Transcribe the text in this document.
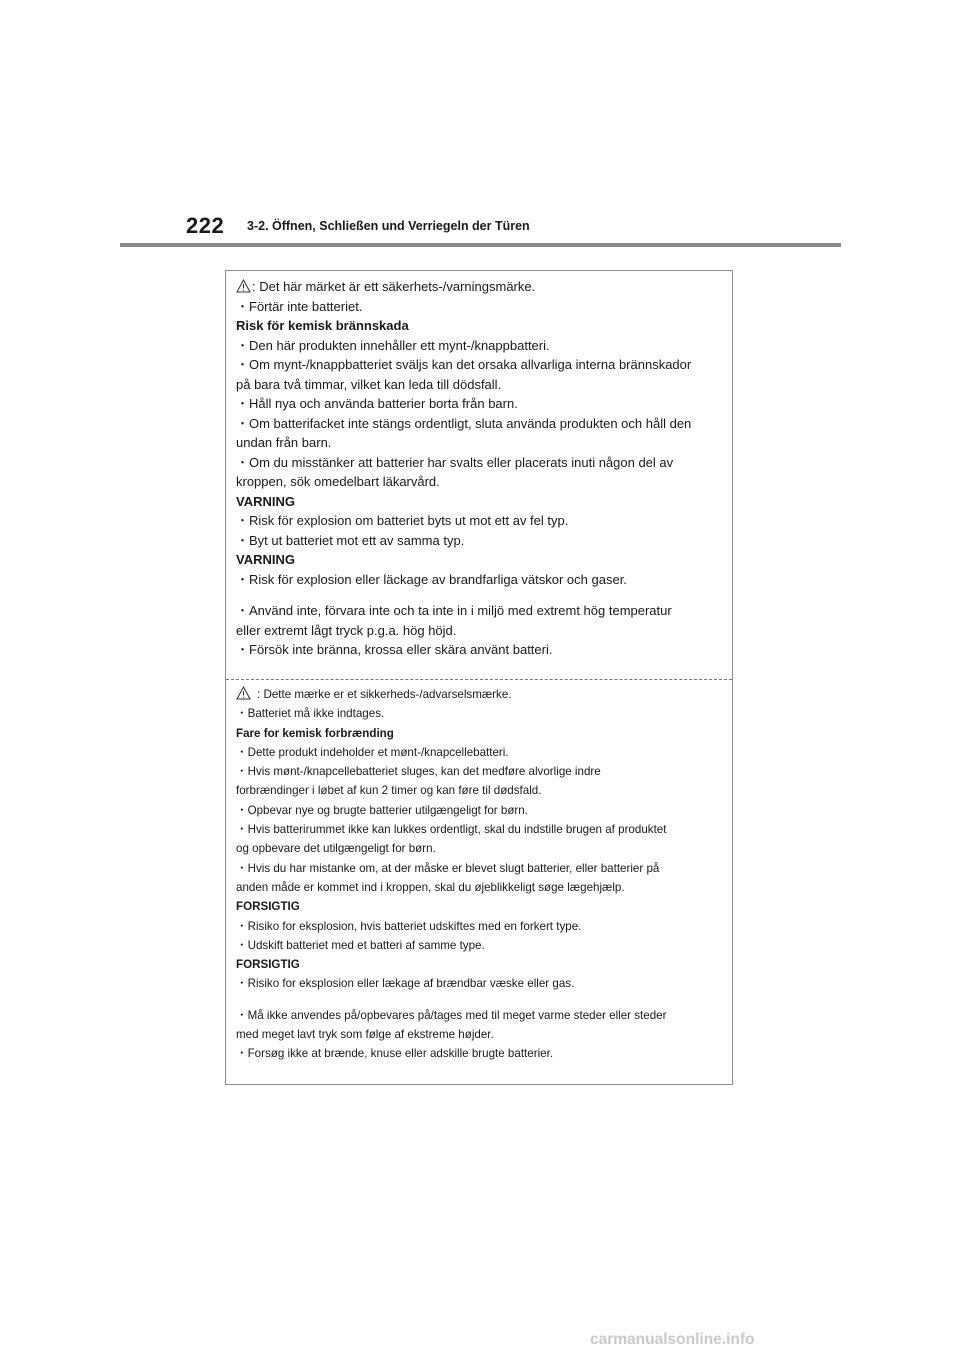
222 3-2. Öffnen, Schließen und Verriegeln der Türen
: Det här märket är ett säkerhets-/varningsmärke.
・Förtär inte batteriet.
Risk för kemisk brännskada
・Den här produkten innehåller ett mynt-/knappbatteri.
・Om mynt-/knappbatteriet sväljs kan det orsaka allvarliga interna brännskador
på bara två timmar, vilket kan leda till dödsfall.
・Håll nya och använda batterier borta från barn.
・Om batterifacket inte stängs ordentligt, sluta använda produkten och håll den
undan från barn.
・Om du misstänker att batterier har svalts eller placerats inuti någon del av
kroppen, sök omedelbart läkarvård.
VARNING
・Risk för explosion om batteriet byts ut mot ett av fel typ.
・Byt ut batteriet mot ett av samma typ.
VARNING
・Risk för explosion eller läckage av brandfarliga vätskor och gaser.
・Använd inte, förvara inte och ta inte in i miljö med extremt hög temperatur
eller extremt lågt tryck p.g.a. hög höjd.
・Försök inte bränna, krossa eller skära använt batteri.
: Dette mærke er et sikkerheds-/advarselsmærke.
・Batteriet må ikke indtages.
Fare for kemisk forbrænding
・Dette produkt indeholder et mønt-/knapcellebatteri.
・Hvis mønt-/knapcellebatteriet sluges, kan det medføre alvorlige indre
forbrændinger i løbet af kun 2 timer og kan føre til dødsfald.
・Opbevar nye og brugte batterier utilgængeligt for børn.
・Hvis batterirummet ikke kan lukkes ordentligt, skal du indstille brugen af produktet
og opbevare det utilgængeligt for børn.
・Hvis du har mistanke om, at der måske er blevet slugt batterier, eller batterier på
anden måde er kommet ind i kroppen, skal du øjeblikkeligt søge lægehjælp.
FORSIGTIG
・Risiko for eksplosion, hvis batteriet udskiftes med en forkert type.
・Udskift batteriet med et batteri af samme type.
FORSIGTIG
・Risiko for eksplosion eller lækage af brændbar væske eller gas.
・Må ikke anvendes på/opbevares på/tages med til meget varme steder eller steder
med meget lavt tryk som følge af ekstreme højder.
・Forsøg ikke at brænde, knuse eller adskille brugte batterier.
carmanualsonline.info
